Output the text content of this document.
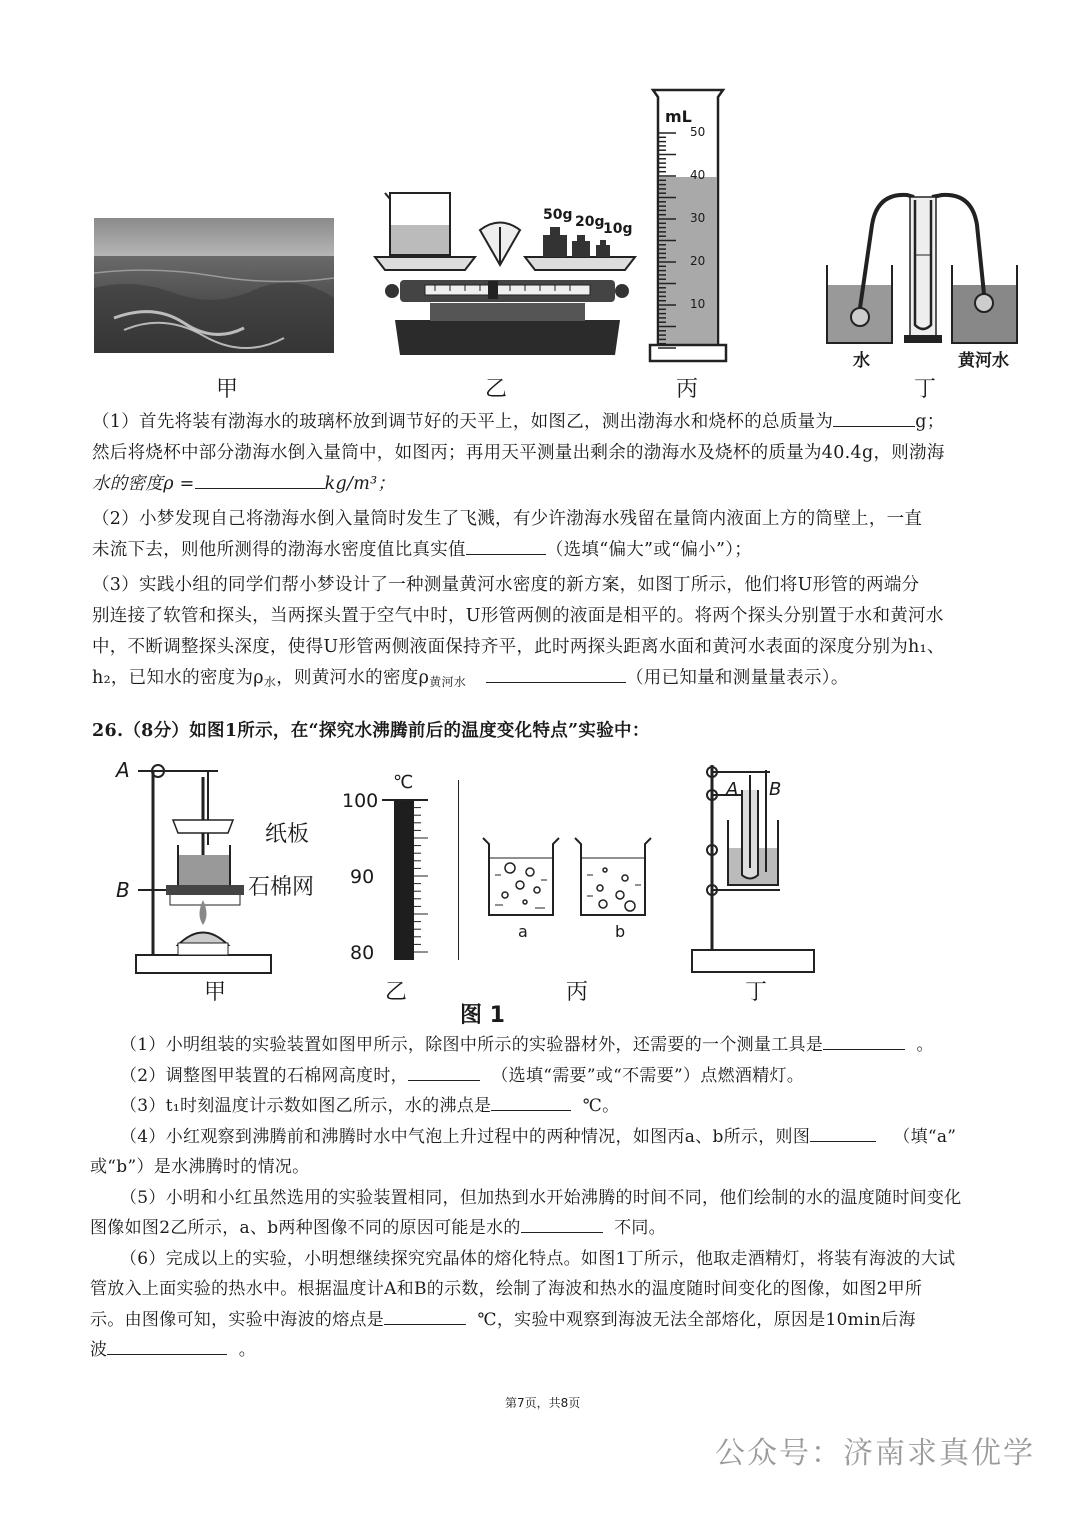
甲
50g 20g
10g
乙
mL
50
40
30
20
10
丙
水	黄河水
丁

（1）首先将装有渤海水的玻璃杯放到调节好的天平上，如图乙，测出渤海水和烧杯的总质量为	g；

然后将烧杯中部分渤海水倒入量筒中，如图丙；再用天平测量出剩余的渤海水及烧杯的质量为40.4g，则渤海

水的密度ρ =	kg/m³；

（2）小梦发现自己将渤海水倒入量筒时发生了飞溅，有少许渤海水残留在量筒内液面上方的筒壁上，一直

未流下去，则他所测得的渤海水密度值比真实值	（选填“偏大”或“偏小”）；

（3）实践小组的同学们帮小梦设计了一种测量黄河水密度的新方案，如图丁所示，他们将U形管的两端分

别连接了软管和探头，当两探头置于空气中时，U形管两侧的液面是相平的。将两个探头分别置于水和黄河水

中，不断调整探头深度，使得U形管两侧液面保持齐平，此时两探头距离水面和黄河水表面的深度分别为h₁、

h₂，已知水的密度为$\rho_水$，则黄河水的密度$\rho_{黄河水}$	（用已知量和测量量表示）。

26.（8分）如图1所示，在“探究水沸腾前后的温度变化特点”实验中：

A
B
纸板
石棉网
甲
℃
100
90
80
乙
a	b
丙
A B
丁
图 1

（1）小明组装的实验装置如图甲所示，除图中所示的实验器材外，还需要的一个测量工具是	。

（2）调整图甲装置的石棉网高度时，	（选填“需要”或“不需要”）点燃酒精灯。

（3）t₁时刻温度计示数如图乙所示，水的沸点是	℃。

（4）小红观察到沸腾前和沸腾时水中气泡上升过程中的两种情况，如图丙a、b所示，则图	（填“a”

或“b”）是水沸腾时的情况。

（5）小明和小红虽然选用的实验装置相同，但加热到水开始沸腾的时间不同，他们绘制的水的温度随时间变化

图像如图2乙所示，a、b两种图像不同的原因可能是水的	不同。

（6）完成以上的实验，小明想继续探究究晶体的熔化特点。如图1丁所示，他取走酒精灯，将装有海波的大试

管放入上面实验的热水中。根据温度计A和B的示数，绘制了海波和热水的温度随时间变化的图像，如图2甲所

示。由图像可知，实验中海波的熔点是	℃，实验中观察到海波无法全部熔化，原因是10min后海

波	。

第7页，共8页
公众号：济南求真优学
